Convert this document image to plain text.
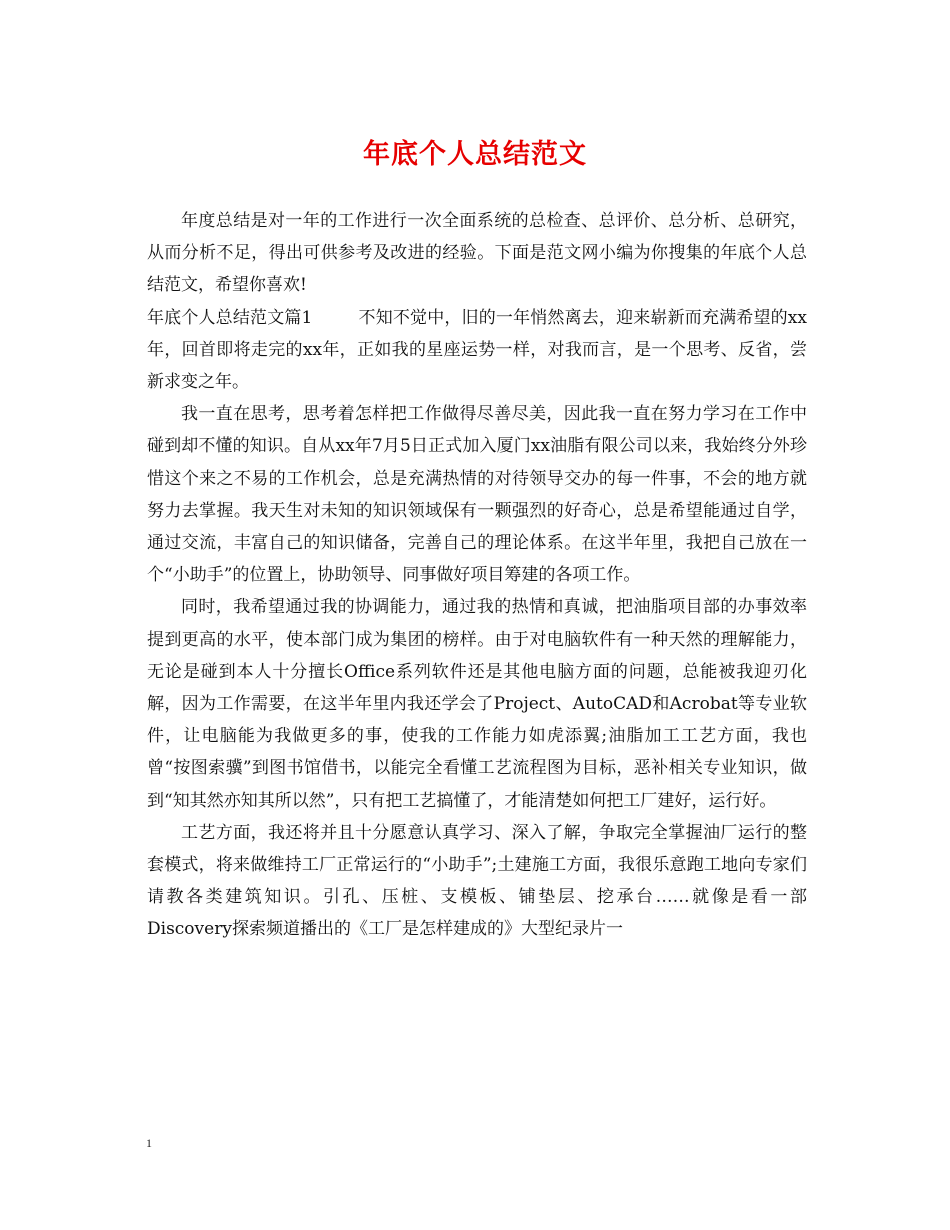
年底个人总结范文

年度总结是对一年的工作进行一次全面系统的总检查、总评价、总分析、总研究，从而分析不足，得出可供参考及改进的经验。下面是范文网小编为你搜集的年底个人总结范文，希望你喜欢!

年底个人总结范文篇1	不知不觉中，旧的一年悄然离去，迎来崭新而充满希望的xx年，回首即将走完的xx年，正如我的星座运势一样，对我而言，是一个思考、反省，尝新求变之年。

我一直在思考，思考着怎样把工作做得尽善尽美，因此我一直在努力学习在工作中碰到却不懂的知识。自从xx年7月5日正式加入厦门xx油脂有限公司以来，我始终分外珍惜这个来之不易的工作机会，总是充满热情的对待领导交办的每一件事，不会的地方就努力去掌握。我天生对未知的知识领域保有一颗强烈的好奇心，总是希望能通过自学，通过交流，丰富自己的知识储备，完善自己的理论体系。在这半年里，我把自己放在一个“小助手”的位置上，协助领导、同事做好项目筹建的各项工作。

同时，我希望通过我的协调能力，通过我的热情和真诚，把油脂项目部的办事效率提到更高的水平，使本部门成为集团的榜样。由于对电脑软件有一种天然的理解能力，无论是碰到本人十分擅长Office系列软件还是其他电脑方面的问题，总能被我迎刃化解，因为工作需要，在这半年里内我还学会了Project、AutoCAD和Acrobat等专业软件，让电脑能为我做更多的事，使我的工作能力如虎添翼;油脂加工工艺方面，我也曾“按图索骥”到图书馆借书，以能完全看懂工艺流程图为目标，恶补相关专业知识，做到“知其然亦知其所以然”，只有把工艺搞懂了，才能清楚如何把工厂建好，运行好。

工艺方面，我还将并且十分愿意认真学习、深入了解，争取完全掌握油厂运行的整套模式，将来做维持工厂正常运行的“小助手”;土建施工方面，我很乐意跑工地向专家们请教各类建筑知识。引孔、压桩、支模板、铺垫层、挖承台……就像是看一部Discovery探索频道播出的《工厂是怎样建成的》大型纪录片一

1
